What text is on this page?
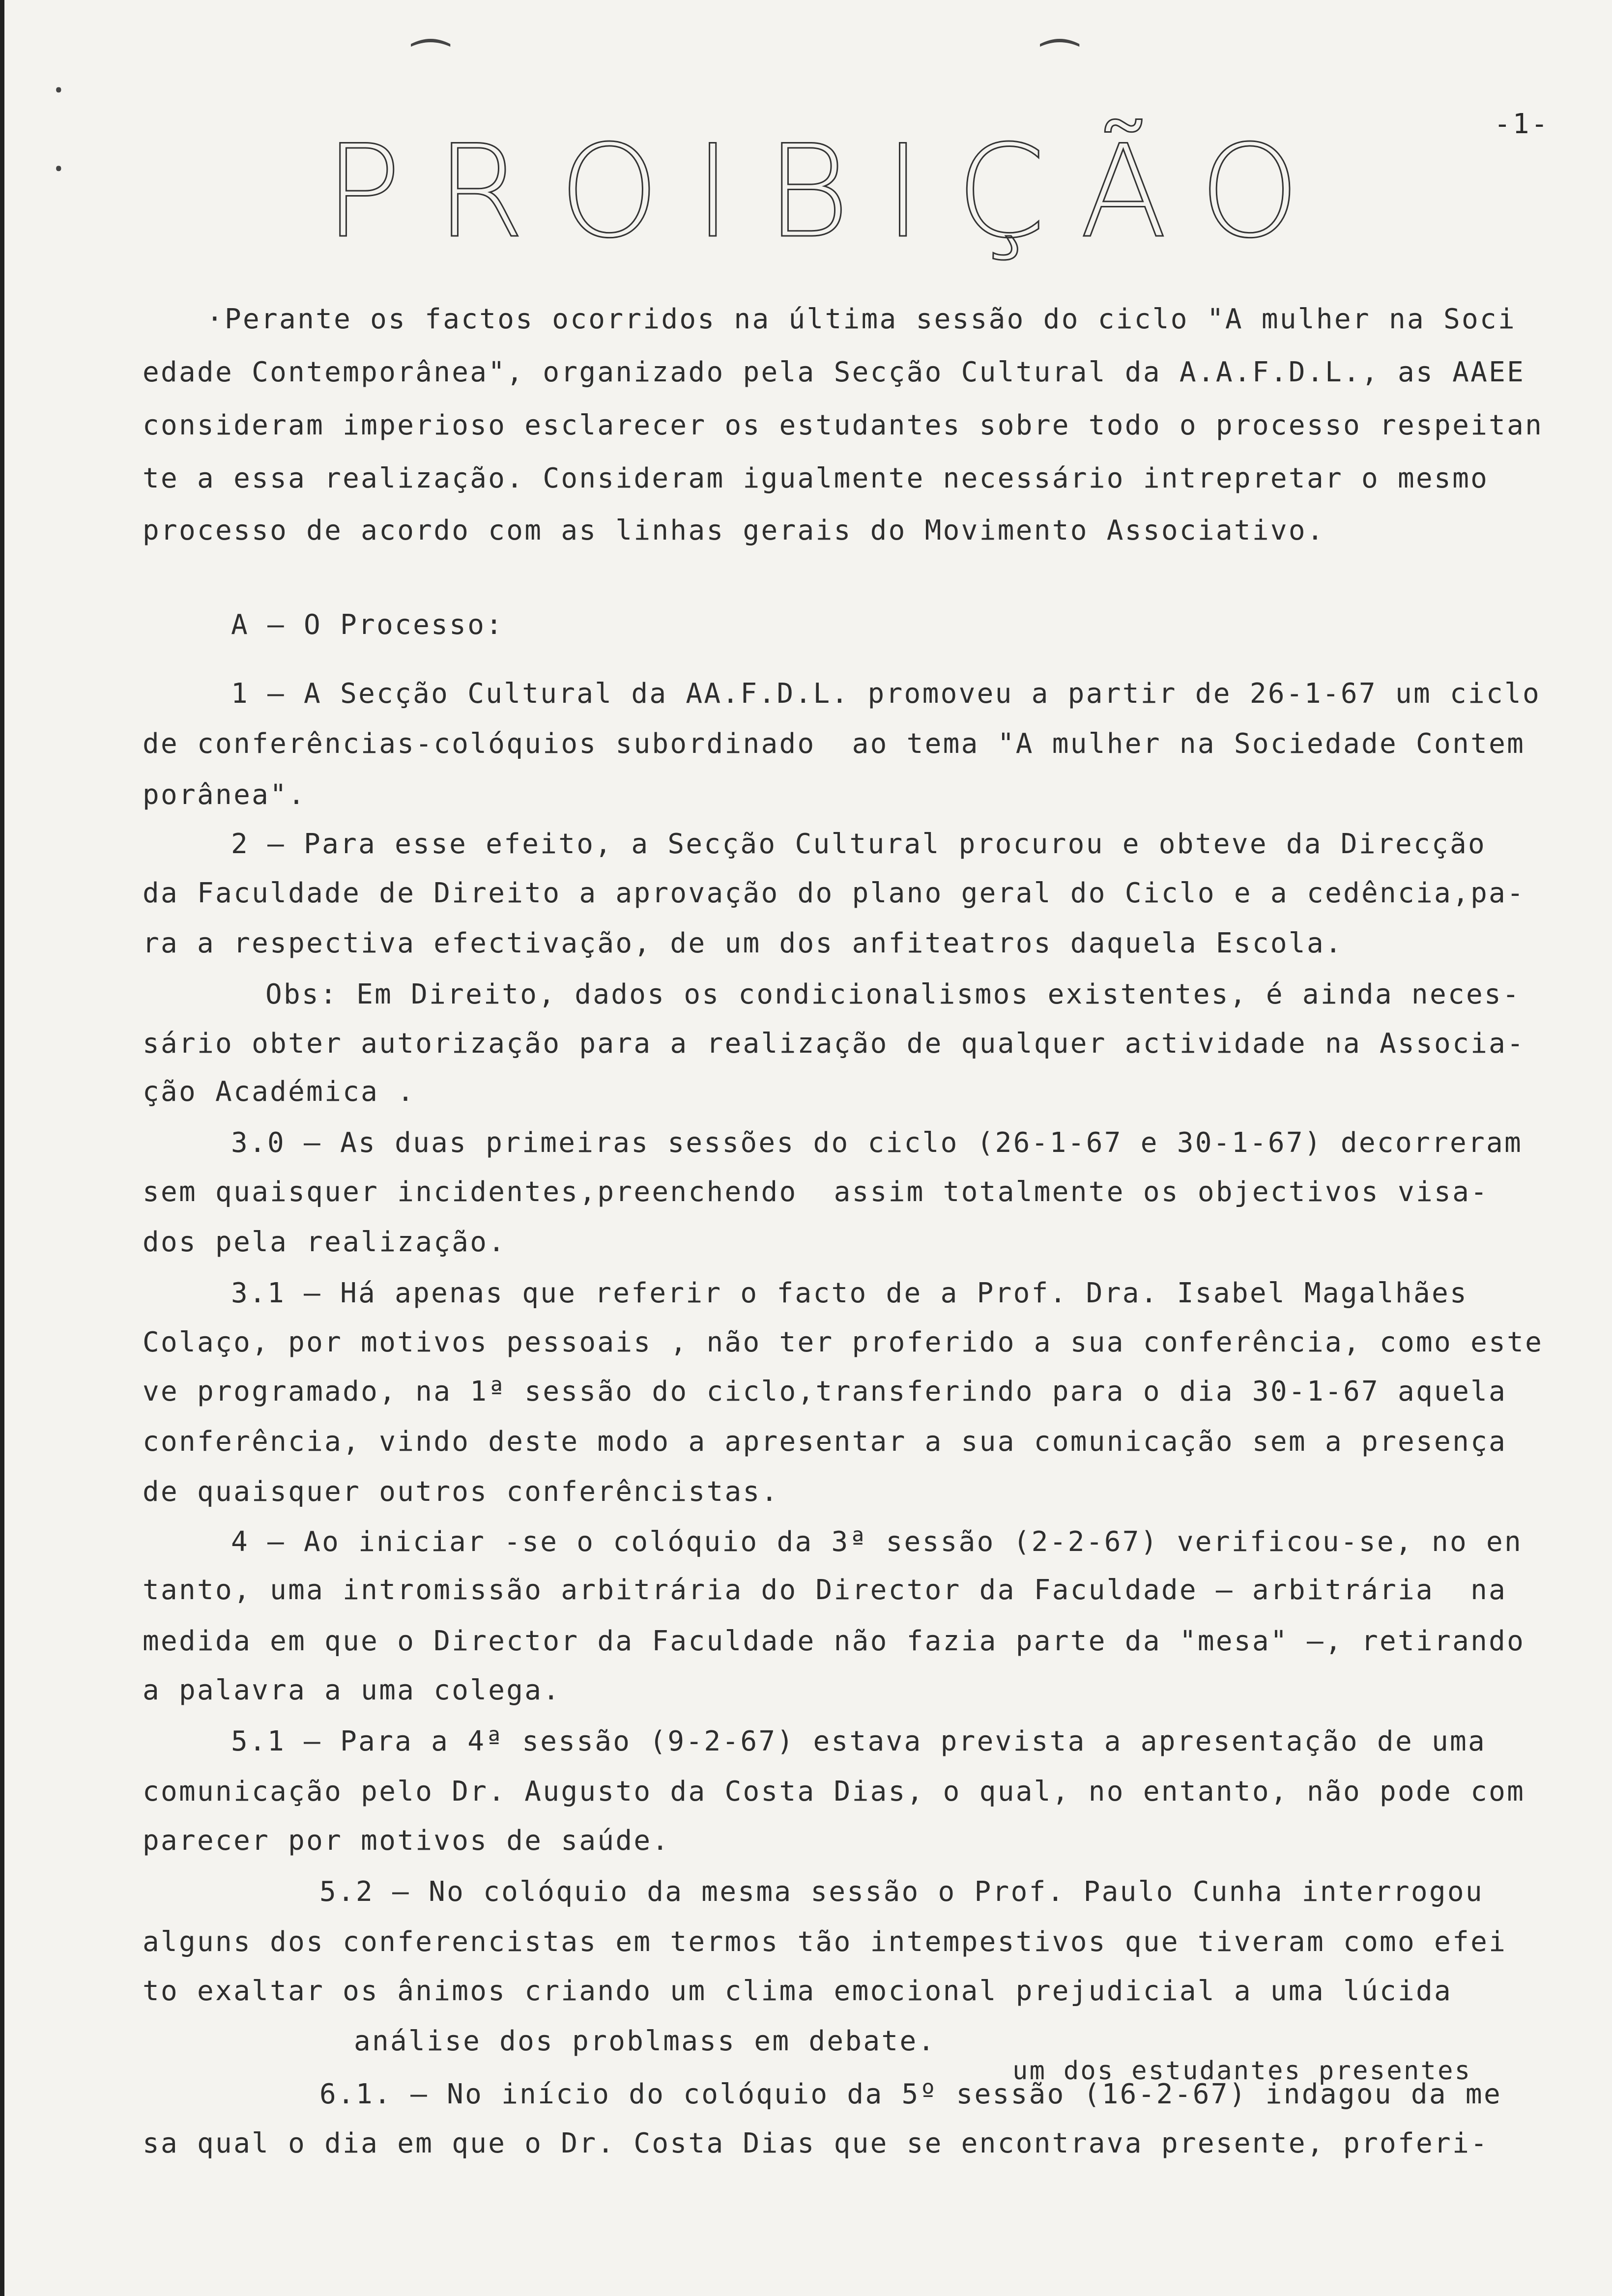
ꞏ
ꞏ
⁀	⁀
-1-
PROIBIÇÃO
·Perante os factos ocorridos na última sessão do ciclo "A mulher na Soci
edade Contemporânea", organizado pela Secção Cultural da A.A.F.D.L., as AAEE
consideram imperioso esclarecer os estudantes sobre todo o processo respeitan
te a essa realização. Consideram igualmente necessário intrepretar o mesmo
processo de acordo com as linhas gerais do Movimento Associativo.
A – O Processo:
1 – A Secção Cultural da AA.F.D.L. promoveu a partir de 26-1-67 um ciclo
de conferências-colóquios subordinado  ao tema "A mulher na Sociedade Contem
porânea".
2 – Para esse efeito, a Secção Cultural procurou e obteve da Direcção
da Faculdade de Direito a aprovação do plano geral do Ciclo e a cedência,pa-
ra a respectiva efectivação, de um dos anfiteatros daquela Escola.
Obs: Em Direito, dados os condicionalismos existentes, é ainda neces-
sário obter autorização para a realização de qualquer actividade na Associa-
ção Académica .
3.0 – As duas primeiras sessões do ciclo (26-1-67 e 30-1-67) decorreram
sem quaisquer incidentes,preenchendo  assim totalmente os objectivos visa-
dos pela realização.
3.1 – Há apenas que referir o facto de a Prof. Dra. Isabel Magalhães
Colaço, por motivos pessoais , não ter proferido a sua conferência, como este
ve programado, na 1ª sessão do ciclo,transferindo para o dia 30-1-67 aquela
conferência, vindo deste modo a apresentar a sua comunicação sem a presença
de quaisquer outros conferêncistas.
4 – Ao iniciar -se o colóquio da 3ª sessão (2-2-67) verificou-se, no en
tanto, uma intromissão arbitrária do Director da Faculdade – arbitrária  na
medida em que o Director da Faculdade não fazia parte da "mesa" –, retirando
a palavra a uma colega.
5.1 – Para a 4ª sessão (9-2-67) estava prevista a apresentação de uma
comunicação pelo Dr. Augusto da Costa Dias, o qual, no entanto, não pode com
parecer por motivos de saúde.
5.2 – No colóquio da mesma sessão o Prof. Paulo Cunha interrogou
alguns dos conferencistas em termos tão intempestivos que tiveram como efei
to exaltar os ânimos criando um clima emocional prejudicial a uma lúcida
análise dos problmass em debate.
um dos estudantes presentes
6.1. – No início do colóquio da 5º sessão (16-2-67) indagou da me
sa qual o dia em que o Dr. Costa Dias que se encontrava presente, proferi-
